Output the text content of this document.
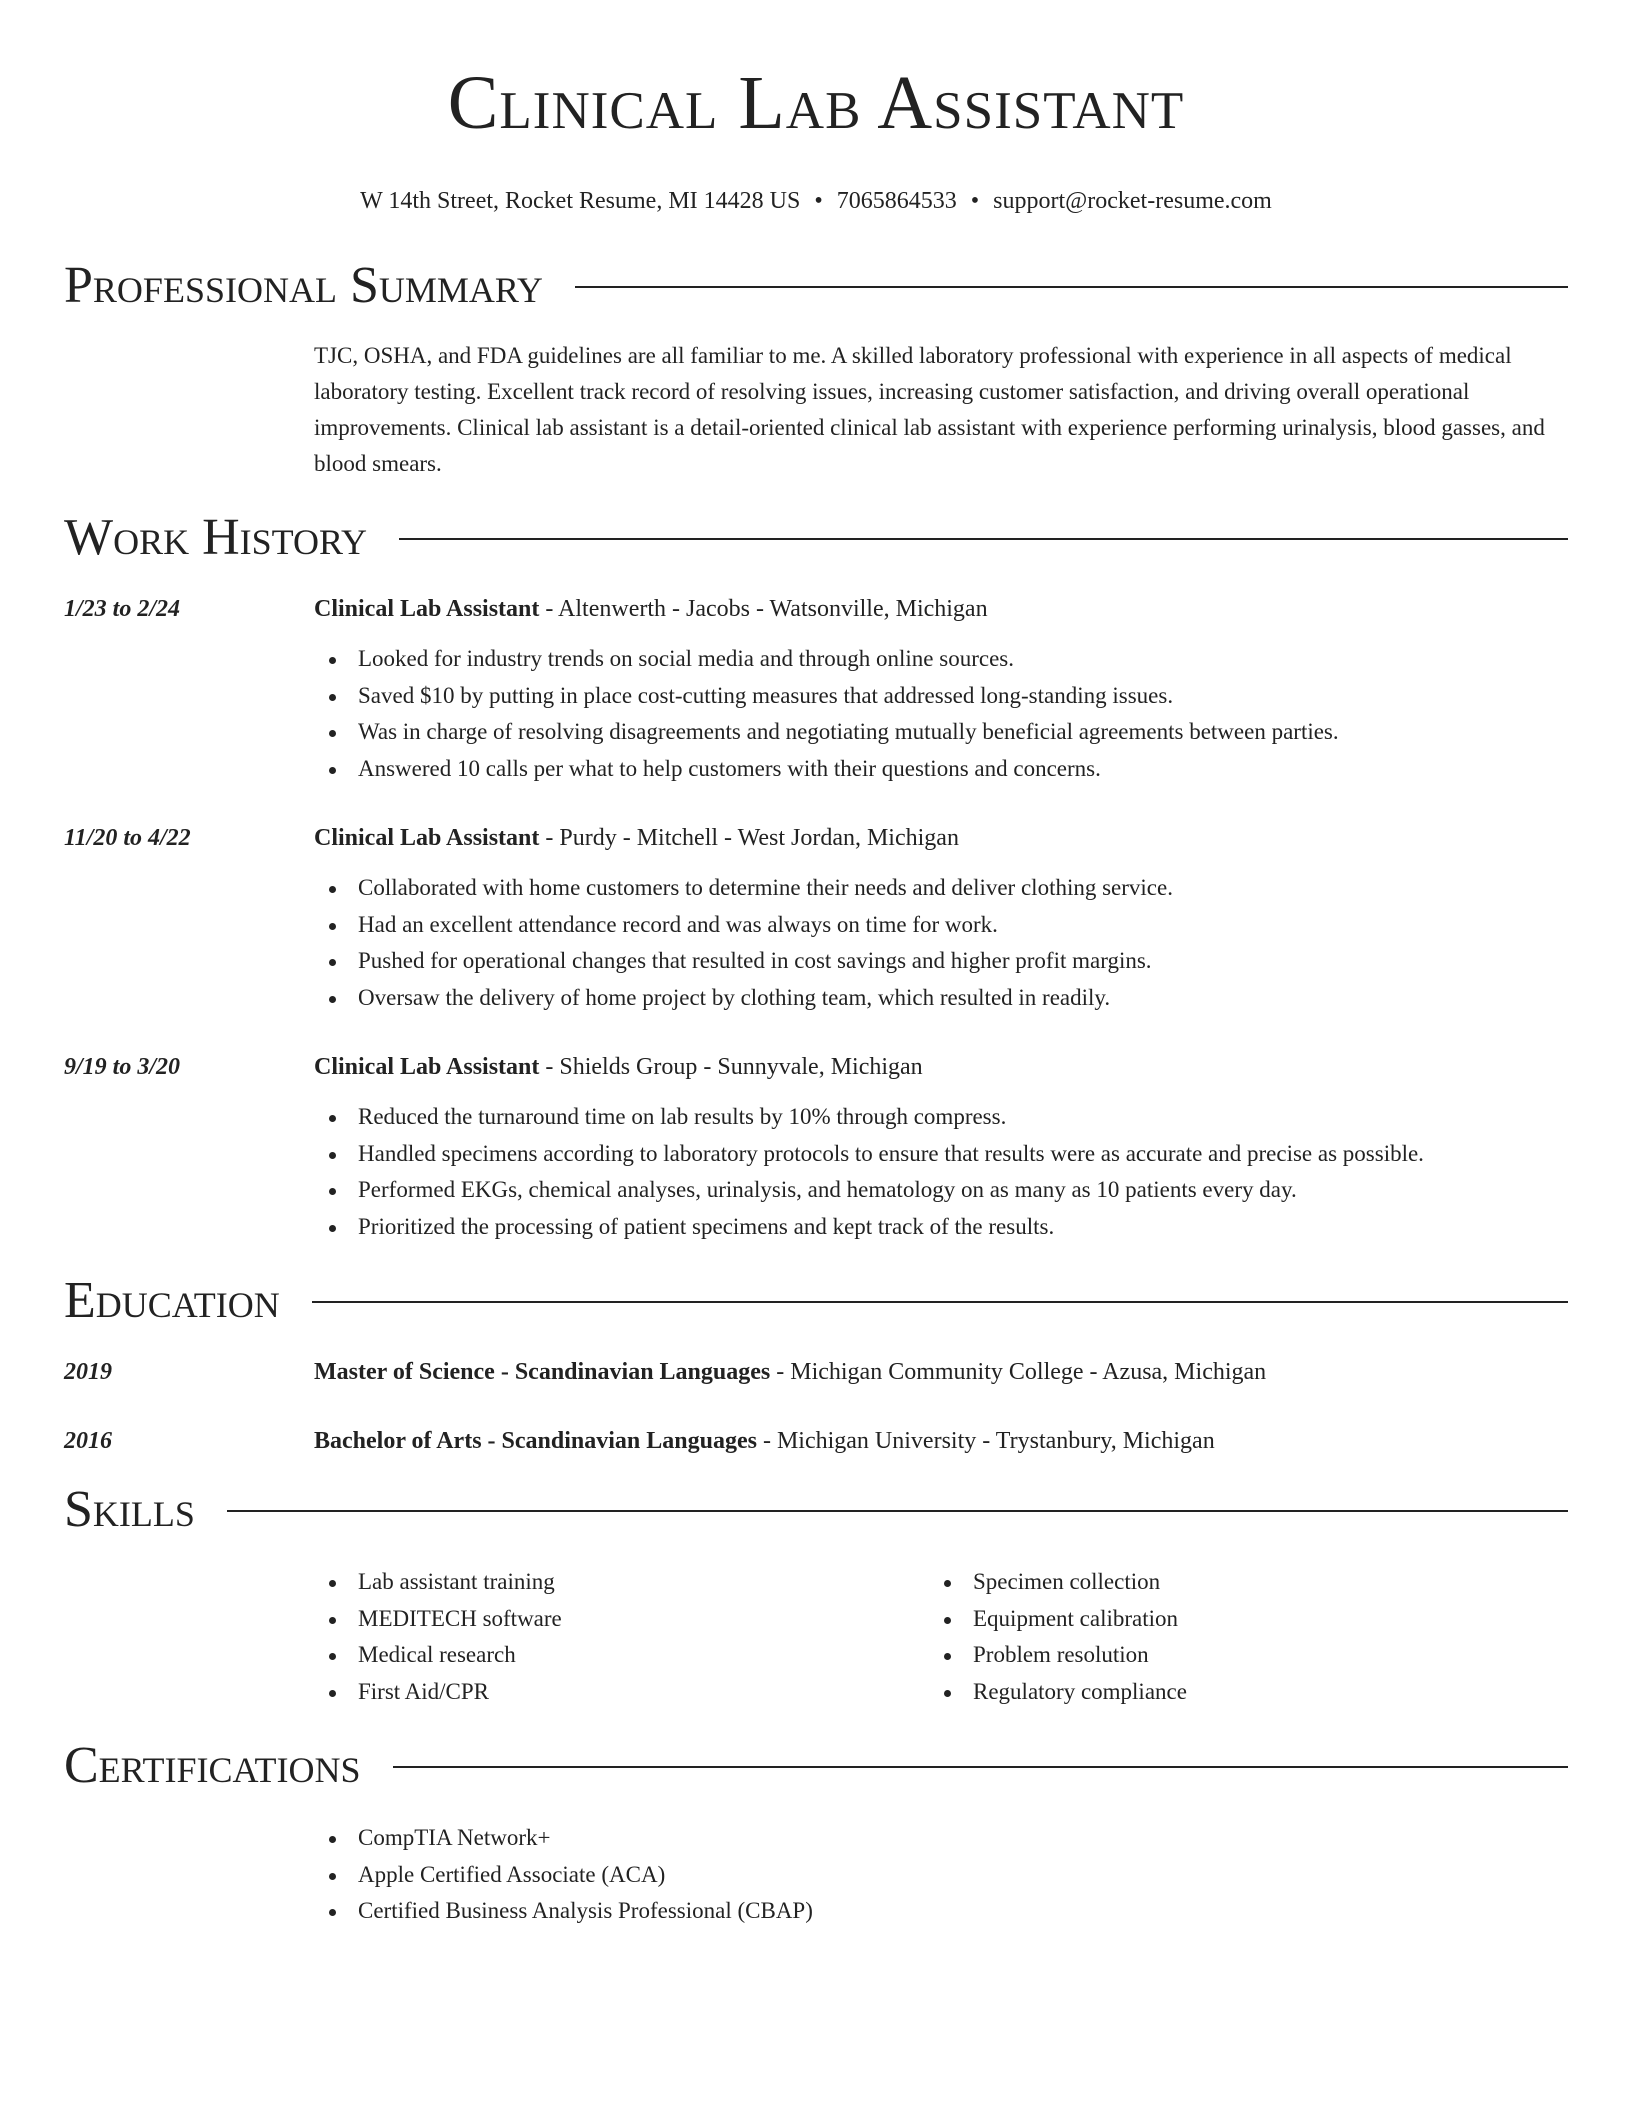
Clinical Lab Assistant
W 14th Street, Rocket Resume, MI 14428 US • 7065864533 • support@rocket-resume.com
Professional Summary
TJC, OSHA, and FDA guidelines are all familiar to me. A skilled laboratory professional with experience in all aspects of medical laboratory testing. Excellent track record of resolving issues, increasing customer satisfaction, and driving overall operational improvements. Clinical lab assistant is a detail-oriented clinical lab assistant with experience performing urinalysis, blood gasses, and blood smears.
Work History
1/23 to 2/24	Clinical Lab Assistant - Altenwerth - Jacobs - Watsonville, Michigan
Looked for industry trends on social media and through online sources.
Saved $10 by putting in place cost-cutting measures that addressed long-standing issues.
Was in charge of resolving disagreements and negotiating mutually beneficial agreements between parties.
Answered 10 calls per what to help customers with their questions and concerns.
11/20 to 4/22	Clinical Lab Assistant - Purdy - Mitchell - West Jordan, Michigan
Collaborated with home customers to determine their needs and deliver clothing service.
Had an excellent attendance record and was always on time for work.
Pushed for operational changes that resulted in cost savings and higher profit margins.
Oversaw the delivery of home project by clothing team, which resulted in readily.
9/19 to 3/20	Clinical Lab Assistant - Shields Group - Sunnyvale, Michigan
Reduced the turnaround time on lab results by 10% through compress.
Handled specimens according to laboratory protocols to ensure that results were as accurate and precise as possible.
Performed EKGs, chemical analyses, urinalysis, and hematology on as many as 10 patients every day.
Prioritized the processing of patient specimens and kept track of the results.
Education
2019	Master of Science - Scandinavian Languages - Michigan Community College - Azusa, Michigan
2016	Bachelor of Arts - Scandinavian Languages - Michigan University - Trystanbury, Michigan
Skills
Lab assistant training
MEDITECH software
Medical research
First Aid/CPR
Specimen collection
Equipment calibration
Problem resolution
Regulatory compliance
Certifications
CompTIA Network+
Apple Certified Associate (ACA)
Certified Business Analysis Professional (CBAP)
